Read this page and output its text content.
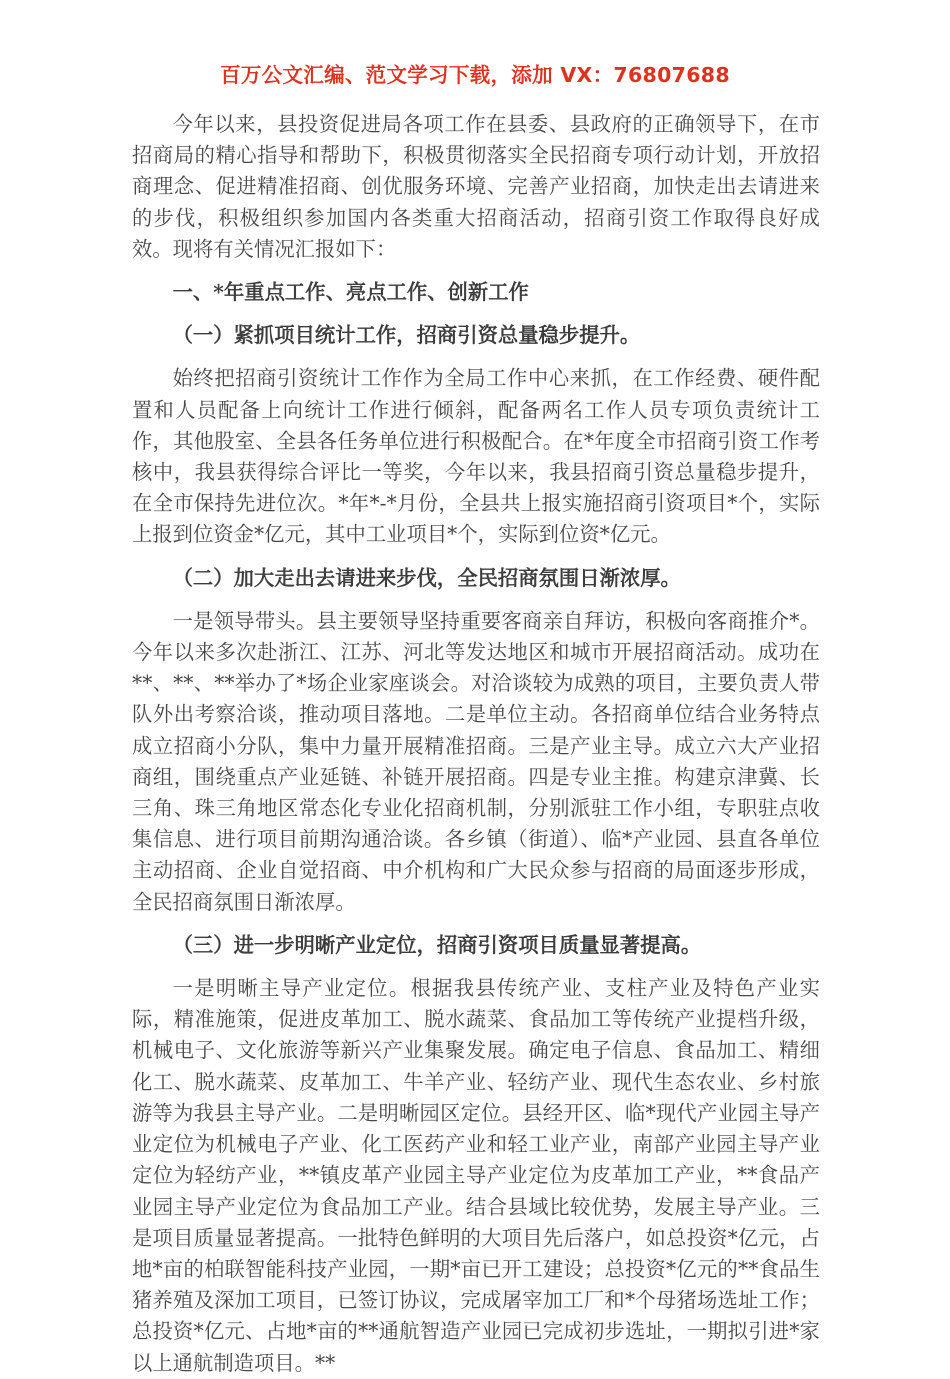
百万公文汇编、范文学习下载，添加 VX：76807688

今年以来，县投资促进局各项工作在县委、县政府的正确领导下，在市招商局的精心指导和帮助下，积极贯彻落实全民招商专项行动计划，开放招商理念、促进精准招商、创优服务环境、完善产业招商，加快走出去请进来的步伐，积极组织参加国内各类重大招商活动，招商引资工作取得良好成效。现将有关情况汇报如下：

一、*年重点工作、亮点工作、创新工作

（一）紧抓项目统计工作，招商引资总量稳步提升。

始终把招商引资统计工作作为全局工作中心来抓，在工作经费、硬件配置和人员配备上向统计工作进行倾斜，配备两名工作人员专项负责统计工作，其他股室、全县各任务单位进行积极配合。在*年度全市招商引资工作考核中，我县获得综合评比一等奖，今年以来，我县招商引资总量稳步提升，在全市保持先进位次。*年*-*月份，全县共上报实施招商引资项目*个，实际上报到位资金*亿元，其中工业项目*个，实际到位资*亿元。

（二）加大走出去请进来步伐，全民招商氛围日渐浓厚。

一是领导带头。县主要领导坚持重要客商亲自拜访，积极向客商推介*。今年以来多次赴浙江、江苏、河北等发达地区和城市开展招商活动。成功在**、**、**举办了*场企业家座谈会。对洽谈较为成熟的项目，主要负责人带队外出考察洽谈，推动项目落地。二是单位主动。各招商单位结合业务特点成立招商小分队，集中力量开展精准招商。三是产业主导。成立六大产业招商组，围绕重点产业延链、补链开展招商。四是专业主推。构建京津冀、长三角、珠三角地区常态化专业化招商机制，分别派驻工作小组，专职驻点收集信息、进行项目前期沟通洽谈。各乡镇（街道）、临*产业园、县直各单位主动招商、企业自觉招商、中介机构和广大民众参与招商的局面逐步形成，全民招商氛围日渐浓厚。

（三）进一步明晰产业定位，招商引资项目质量显著提高。

一是明晰主导产业定位。根据我县传统产业、支柱产业及特色产业实际，精准施策，促进皮革加工、脱水蔬菜、食品加工等传统产业提档升级，机械电子、文化旅游等新兴产业集聚发展。确定电子信息、食品加工、精细化工、脱水蔬菜、皮革加工、牛羊产业、轻纺产业、现代生态农业、乡村旅游等为我县主导产业。二是明晰园区定位。县经开区、临*现代产业园主导产业定位为机械电子产业、化工医药产业和轻工业产业，南部产业园主导产业定位为轻纺产业，**镇皮革产业园主导产业定位为皮革加工产业，**食品产业园主导产业定位为食品加工产业。结合县域比较优势，发展主导产业。三是项目质量显著提高。一批特色鲜明的大项目先后落户，如总投资*亿元，占地*亩的柏联智能科技产业园，一期*亩已开工建设；总投资*亿元的**食品生猪养殖及深加工项目，已签订协议，完成屠宰加工厂和*个母猪场选址工作；总投资*亿元、占地*亩的**通航智造产业园已完成初步选址，一期拟引进*家以上通航制造项目。**
